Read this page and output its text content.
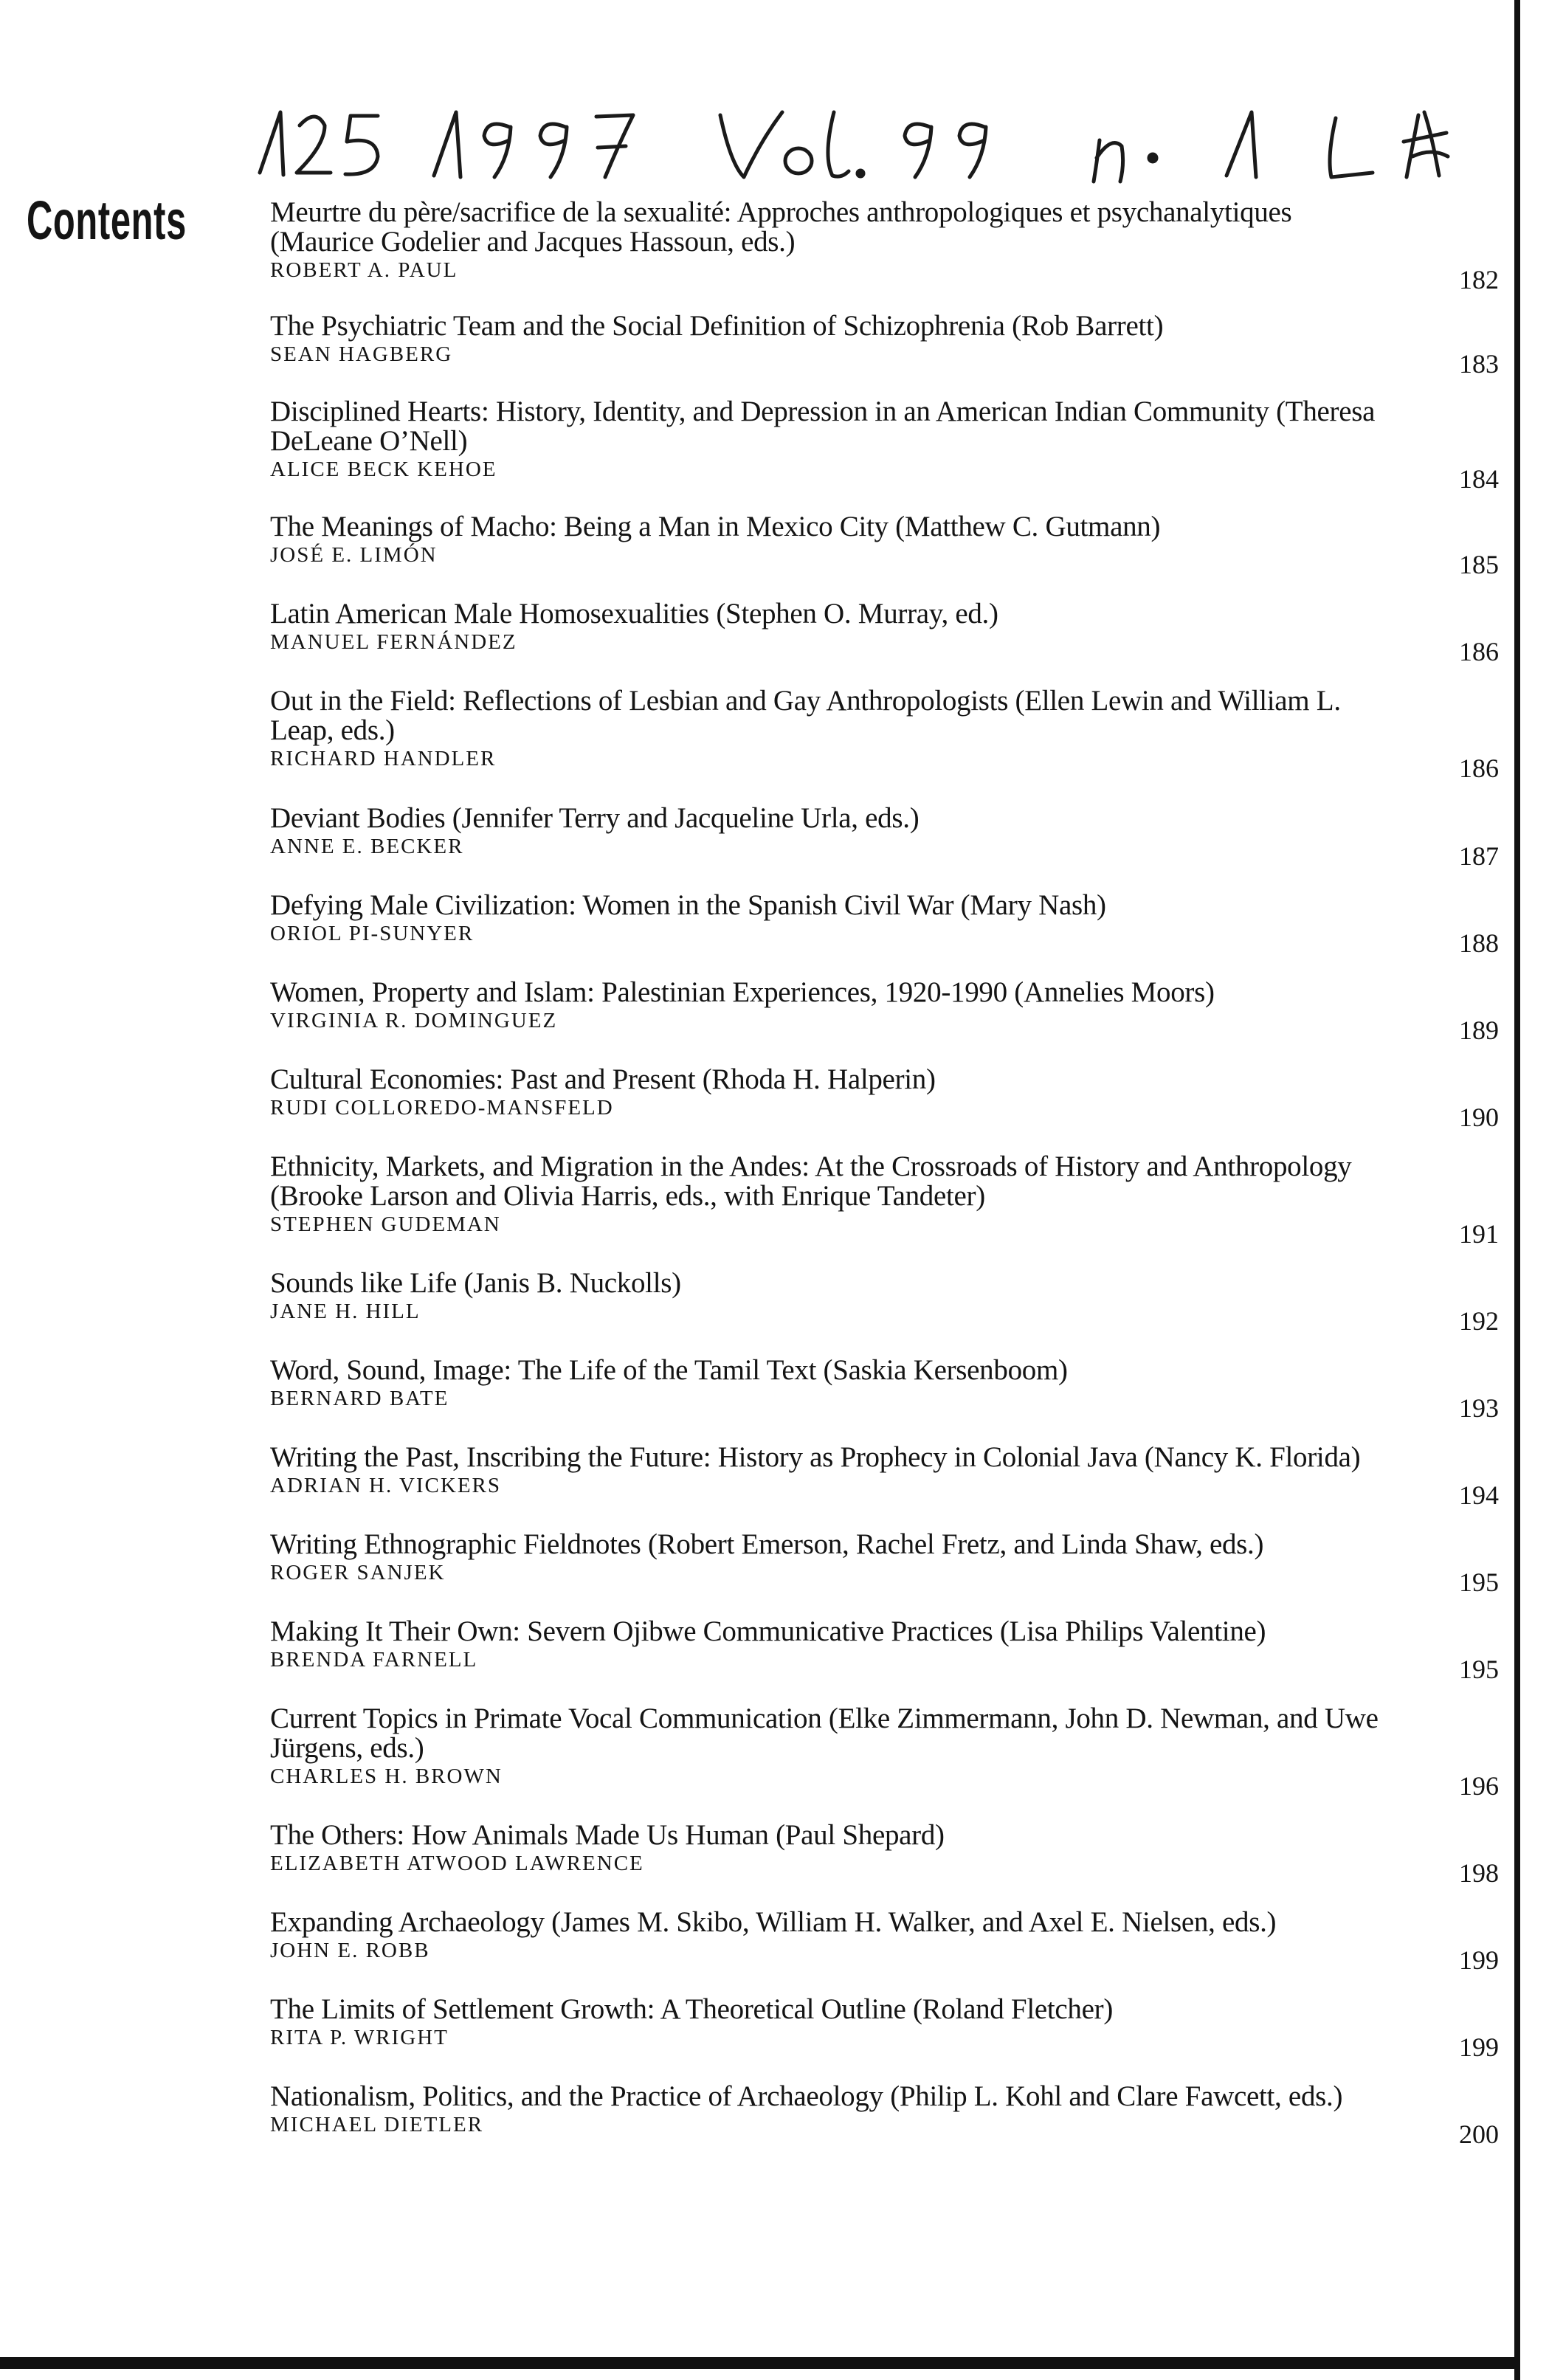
Contents	Meurtre du père/sacrifice de la sexualité: Approches anthropologiques et psychanalytiques (Maurice Godelier and Jacques Hassoun, eds.)

ROBERT A. PAUL	182

The Psychiatric Team and the Social Definition of Schizophrenia (Rob Barrett)

SEAN HAGBERG	183

Disciplined Hearts: History, Identity, and Depression in an American Indian Community (Theresa DeLeane O’Nell)

ALICE BECK KEHOE	184

The Meanings of Macho: Being a Man in Mexico City (Matthew C. Gutmann)

JOSÉ E. LIMÓN	185

Latin American Male Homosexualities (Stephen O. Murray, ed.)

MANUEL FERNÁNDEZ	186

Out in the Field: Reflections of Lesbian and Gay Anthropologists (Ellen Lewin and William L. Leap, eds.)

RICHARD HANDLER	186

Deviant Bodies (Jennifer Terry and Jacqueline Urla, eds.)

ANNE E. BECKER	187

Defying Male Civilization: Women in the Spanish Civil War (Mary Nash)

ORIOL PI-SUNYER	188

Women, Property and Islam: Palestinian Experiences, 1920-1990 (Annelies Moors)

VIRGINIA R. DOMINGUEZ	189

Cultural Economies: Past and Present (Rhoda H. Halperin)

RUDI COLLOREDO-MANSFELD	190

Ethnicity, Markets, and Migration in the Andes: At the Crossroads of History and Anthropology (Brooke Larson and Olivia Harris, eds., with Enrique Tandeter)

STEPHEN GUDEMAN	191

Sounds like Life (Janis B. Nuckolls)

JANE H. HILL	192

Word, Sound, Image: The Life of the Tamil Text (Saskia Kersenboom)

BERNARD BATE	193

Writing the Past, Inscribing the Future: History as Prophecy in Colonial Java (Nancy K. Florida)

ADRIAN H. VICKERS	194

Writing Ethnographic Fieldnotes (Robert Emerson, Rachel Fretz, and Linda Shaw, eds.)

ROGER SANJEK	195

Making It Their Own: Severn Ojibwe Communicative Practices (Lisa Philips Valentine)

BRENDA FARNELL	195

Current Topics in Primate Vocal Communication (Elke Zimmermann, John D. Newman, and Uwe Jürgens, eds.)

CHARLES H. BROWN	196

The Others: How Animals Made Us Human (Paul Shepard)

ELIZABETH ATWOOD LAWRENCE	198

Expanding Archaeology (James M. Skibo, William H. Walker, and Axel E. Nielsen, eds.)

JOHN E. ROBB	199

The Limits of Settlement Growth: A Theoretical Outline (Roland Fletcher)

RITA P. WRIGHT	199

Nationalism, Politics, and the Practice of Archaeology (Philip L. Kohl and Clare Fawcett, eds.)

MICHAEL DIETLER	200
